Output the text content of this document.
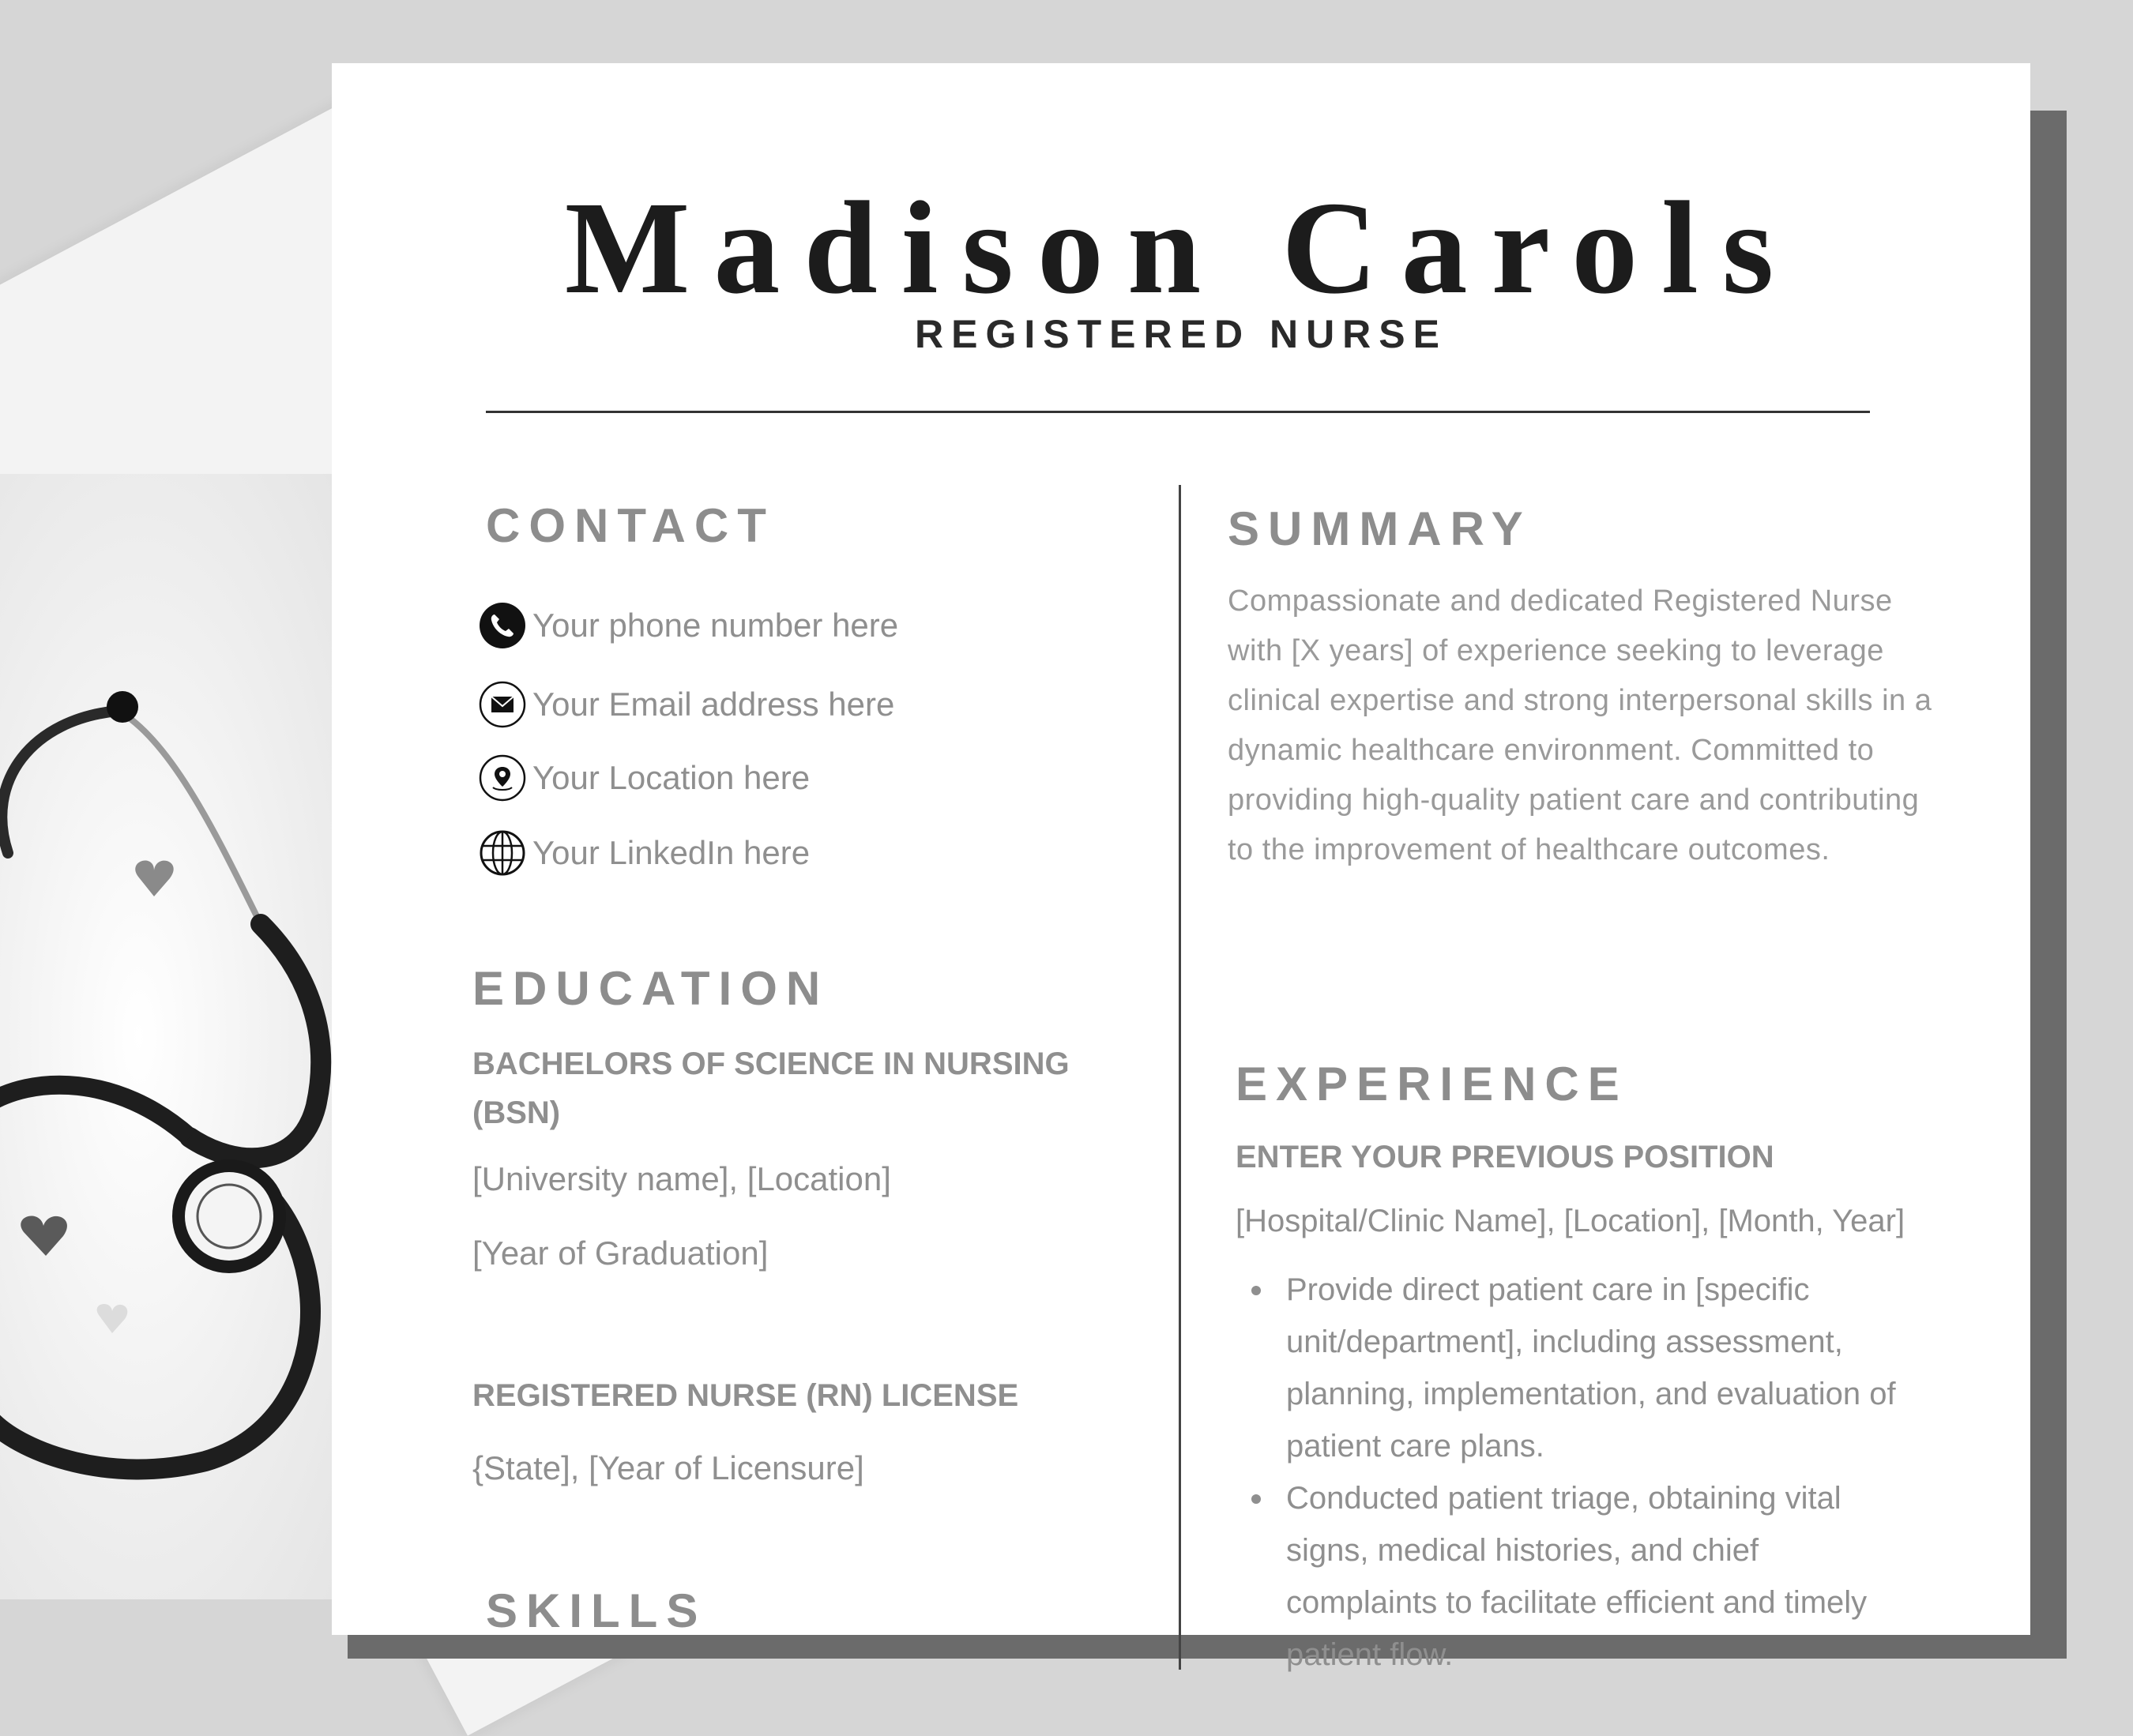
Madison Carols
REGISTERED NURSE
CONTACT
Your phone number here
Your Email address here
Your Location here
Your LinkedIn here
EDUCATION
BACHELORS OF SCIENCE IN NURSING
(BSN)

[University name], [Location]

[Year of Graduation]

REGISTERED NURSE (RN) LICENSE

{State], [Year of Licensure]

SKILLS
SUMMARY

Compassionate and dedicated Registered Nurse with [X years] of experience seeking to leverage clinical expertise and strong interpersonal skills in a dynamic healthcare environment. Committed to providing high-quality patient care and contributing to the improvement of healthcare outcomes.

EXPERIENCE
ENTER YOUR PREVIOUS POSITION

[Hospital/Clinic Name], [Location], [Month, Year]

Provide direct patient care in [specific unit/department], including assessment, planning, implementation, and evaluation of patient care plans.
Conducted patient triage, obtaining vital signs, medical histories, and chief complaints to facilitate efficient and timely patient flow.
